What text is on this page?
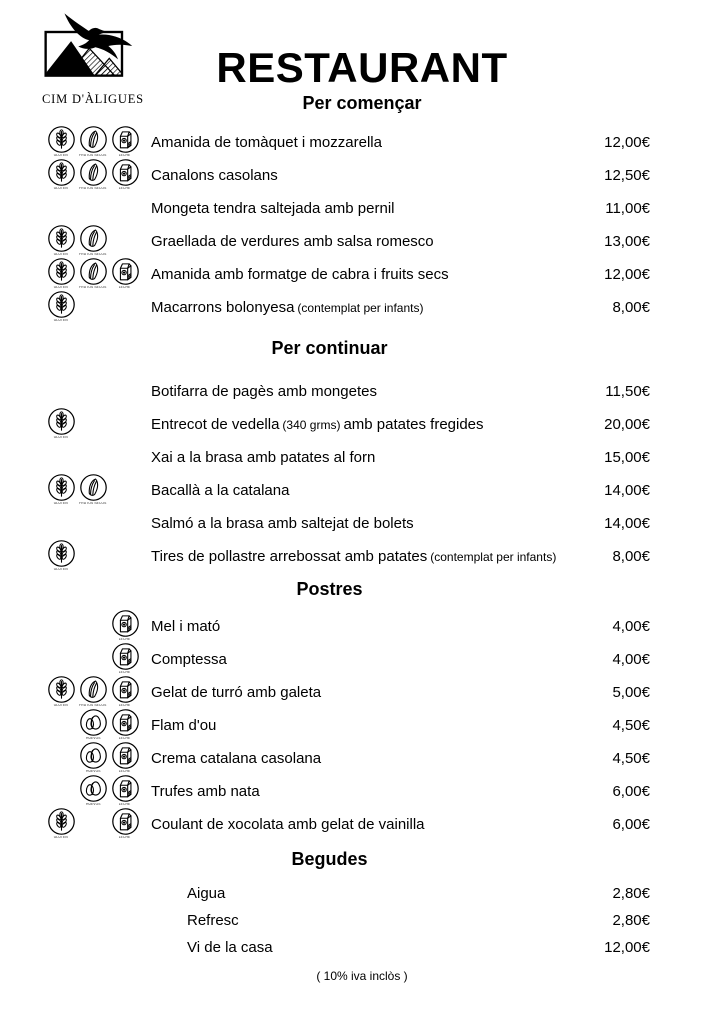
CIM D'ÀLIGUES
RESTAURANT
Per començar
GLUTEN FRUTOS SECOS LECHE
Amanida de tomàquet i mozzarella	12,00€
GLUTEN FRUTOS SECOS LECHE
Canalons casolans	12,50€
Mongeta tendra saltejada amb pernil	11,00€
GLUTEN FRUTOS SECOS
Graellada de verdures amb salsa romesco	13,00€
GLUTEN FRUTOS SECOS LECHE
Amanida amb formatge de cabra i fruits secs	12,00€
GLUTEN
Macarrons bolonyesa (contemplat per infants)	8,00€
Per continuar
Botifarra de pagès amb mongetes	11,50€
GLUTEN
Entrecot de vedella (340 grms) amb patates fregides	20,00€
Xai a la brasa amb patates al forn	15,00€
GLUTEN FRUTOS SECOS
Bacallà a la catalana	14,00€
Salmó a la brasa amb saltejat de bolets	14,00€
GLUTEN
Tires de pollastre arrebossat amb patates (contemplat per infants)	8,00€
Postres
LECHE
Mel i mató	4,00€
LECHE
Comptessa	4,00€
GLUTEN FRUTOS SECOS LECHE
Gelat de turró amb galeta	5,00€
HUEVOS	LECHE
Flam d'ou	4,50€
HUEVOS	LECHE
Crema catalana casolana	4,50€
HUEVOS	LECHE
Trufes amb nata	6,00€
GLUTEN	LECHE
Coulant de xocolata amb gelat de vainilla	6,00€
Begudes
Aigua	2,80€
Refresc	2,80€
Vi de la casa	12,00€
( 10% iva inclòs )
